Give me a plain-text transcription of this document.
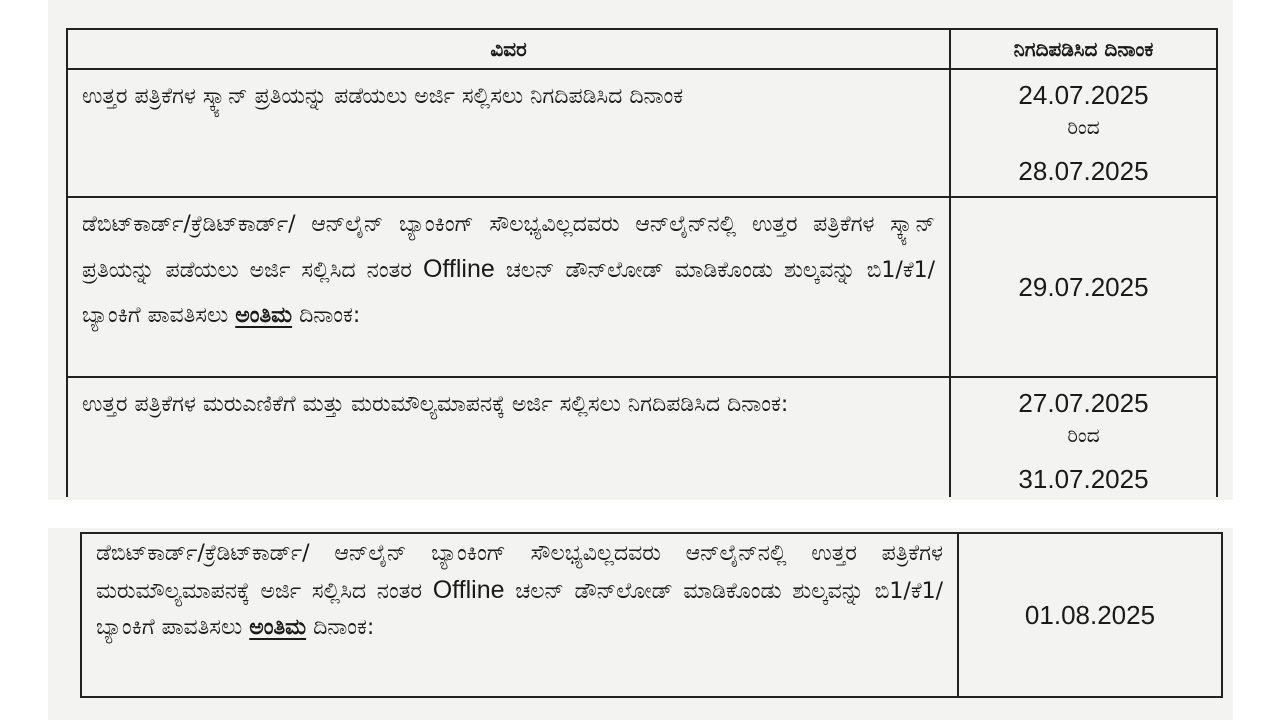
ವಿವರ	ನಿಗದಿಪಡಿಸಿದ ದಿನಾಂಕ
ಉತ್ತರ ಪತ್ರಿಕೆಗಳ ಸ್ಕ್ಯಾನ್ ಪ್ರತಿಯನ್ನು ಪಡೆಯಲು ಅರ್ಜಿ ಸಲ್ಲಿಸಲು ನಿಗದಿಪಡಿಸಿದ ದಿನಾಂಕ	24.07.2025
ರಿಂದ
28.07.2025

ಡೆಬಿಟ್‌ಕಾರ್ಡ್/ಕ್ರೆಡಿಟ್‌ಕಾರ್ಡ್/ ಆನ್‌ಲೈನ್ ಬ್ಯಾಂಕಿಂಗ್ ಸೌಲಭ್ಯವಿಲ್ಲದವರು ಆನ್‌ಲೈನ್‌ನಲ್ಲಿ ಉತ್ತರ ಪತ್ರಿಕೆಗಳ ಸ್ಕ್ಯಾನ್ ಪ್ರತಿಯನ್ನು ಪಡೆಯಲು ಅರ್ಜಿ ಸಲ್ಲಿಸಿದ ನಂತರ Offline ಚಲನ್ ಡೌನ್‌ಲೋಡ್ ಮಾಡಿಕೊಂಡು ಶುಲ್ಕವನ್ನು ಬಿ1/ಕೆ1/ಬ್ಯಾಂಕಿಗೆ ಪಾವತಿಸಲು ಅಂತಿಮ ದಿನಾಂಕ:	29.07.2025
ಉತ್ತರ ಪತ್ರಿಕೆಗಳ ಮರುಎಣಿಕೆಗೆ ಮತ್ತು ಮರುಮೌಲ್ಯಮಾಪನಕ್ಕೆ ಅರ್ಜಿ ಸಲ್ಲಿಸಲು ನಿಗದಿಪಡಿಸಿದ ದಿನಾಂಕ:	27.07.2025
ರಿಂದ
31.07.2025
ಡೆಬಿಟ್‌ಕಾರ್ಡ್/ಕ್ರೆಡಿಟ್‌ಕಾರ್ಡ್/ ಆನ್‌ಲೈನ್ ಬ್ಯಾಂಕಿಂಗ್ ಸೌಲಭ್ಯವಿಲ್ಲದವರು ಆನ್‌ಲೈನ್‌ನಲ್ಲಿ ಉತ್ತರ ಪತ್ರಿಕೆಗಳ ಮರುಮೌಲ್ಯಮಾಪನಕ್ಕೆ ಅರ್ಜಿ ಸಲ್ಲಿಸಿದ ನಂತರ Offline ಚಲನ್ ಡೌನ್‌ಲೋಡ್ ಮಾಡಿಕೊಂಡು ಶುಲ್ಕವನ್ನು ಬಿ1/ಕೆ1/ಬ್ಯಾಂಕಿಗೆ ಪಾವತಿಸಲು ಅಂತಿಮ ದಿನಾಂಕ:	01.08.2025
